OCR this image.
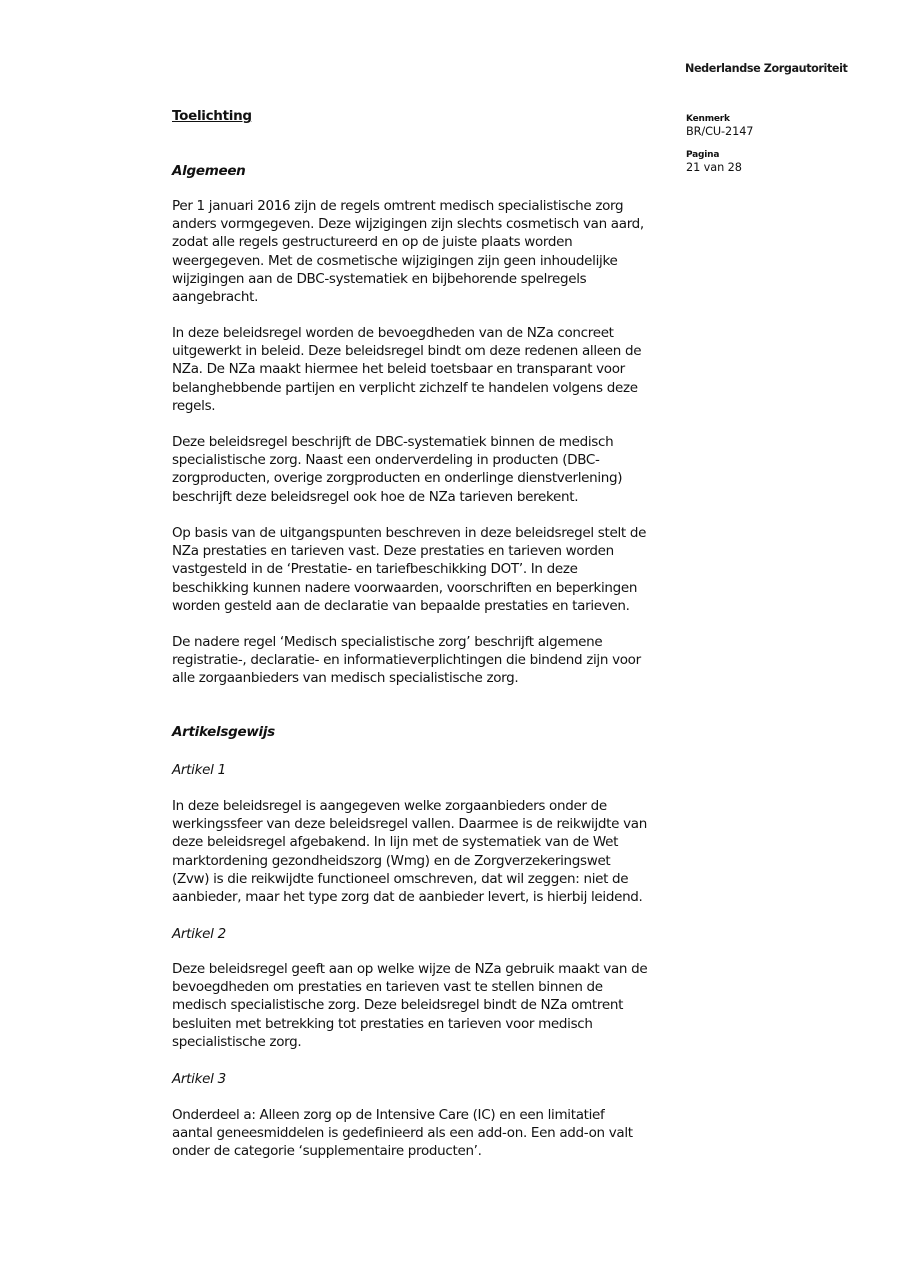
Nederlandse Zorgautoriteit
Kenmerk
BR/CU-2147
Pagina
21 van 28
Toelichting
Algemeen

Per 1 januari 2016 zijn de regels omtrent medisch specialistische zorg
anders vormgegeven. Deze wijzigingen zijn slechts cosmetisch van aard,
zodat alle regels gestructureerd en op de juiste plaats worden
weergegeven. Met de cosmetische wijzigingen zijn geen inhoudelijke
wijzigingen aan de DBC-systematiek en bijbehorende spelregels
aangebracht.

In deze beleidsregel worden de bevoegdheden van de NZa concreet
uitgewerkt in beleid. Deze beleidsregel bindt om deze redenen alleen de
NZa. De NZa maakt hiermee het beleid toetsbaar en transparant voor
belanghebbende partijen en verplicht zichzelf te handelen volgens deze
regels.

Deze beleidsregel beschrijft de DBC-systematiek binnen de medisch
specialistische zorg. Naast een onderverdeling in producten (DBC-
zorgproducten, overige zorgproducten en onderlinge dienstverlening)
beschrijft deze beleidsregel ook hoe de NZa tarieven berekent.

Op basis van de uitgangspunten beschreven in deze beleidsregel stelt de
NZa prestaties en tarieven vast. Deze prestaties en tarieven worden
vastgesteld in de ‘Prestatie- en tariefbeschikking DOT’. In deze
beschikking kunnen nadere voorwaarden, voorschriften en beperkingen
worden gesteld aan de declaratie van bepaalde prestaties en tarieven.

De nadere regel ‘Medisch specialistische zorg’ beschrijft algemene
registratie-, declaratie- en informatieverplichtingen die bindend zijn voor
alle zorgaanbieders van medisch specialistische zorg.

Artikelsgewijs
Artikel 1

In deze beleidsregel is aangegeven welke zorgaanbieders onder de
werkingssfeer van deze beleidsregel vallen. Daarmee is de reikwijdte van
deze beleidsregel afgebakend. In lijn met de systematiek van de Wet
marktordening gezondheidszorg (Wmg) en de Zorgverzekeringswet
(Zvw) is die reikwijdte functioneel omschreven, dat wil zeggen: niet de
aanbieder, maar het type zorg dat de aanbieder levert, is hierbij leidend.

Artikel 2

Deze beleidsregel geeft aan op welke wijze de NZa gebruik maakt van de
bevoegdheden om prestaties en tarieven vast te stellen binnen de
medisch specialistische zorg. Deze beleidsregel bindt de NZa omtrent
besluiten met betrekking tot prestaties en tarieven voor medisch
specialistische zorg.

Artikel 3

Onderdeel a: Alleen zorg op de Intensive Care (IC) en een limitatief
aantal geneesmiddelen is gedefinieerd als een add-on. Een add-on valt
onder de categorie ‘supplementaire producten’.
